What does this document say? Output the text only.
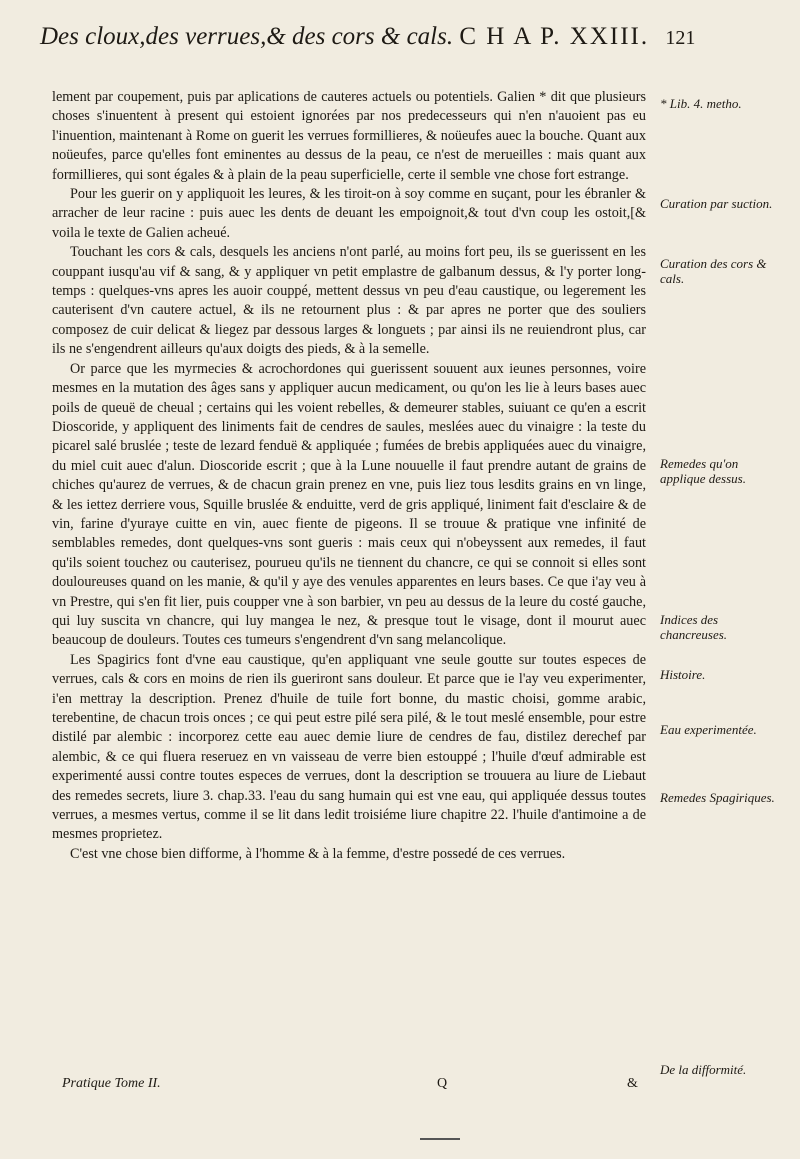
Des cloux,des verrues,& des cors & cals. C H A P. XXIII. 121

lement par coupement, puis par aplications de cauteres actuels ou potentiels. Galien * dit que plusieurs choses s'inuentent à present qui estoient ignorées par nos predecesseurs qui n'en n'auoient pas eu l'inuention, maintenant à Rome on guerit les verrues formillieres, & noüeufes auec la bouche. Quant aux noüeufes, parce qu'elles font eminentes au dessus de la peau, ce n'est de merueilles : mais quant aux formillieres, qui sont égales & à plain de la peau superficielle, certe il semble vne chose fort estrange.

Pour les guerir on y appliquoit les leures, & les tiroit-on à soy comme en suçant, pour les ébranler & arracher de leur racine : puis auec les dents de deuant les empoignoit,& tout d'vn coup les ostoit,[& voila le texte de Galien acheué.

Touchant les cors & cals, desquels les anciens n'ont parlé, au moins fort peu, ils se guerissent en les couppant iusqu'au vif & sang, & y appliquer vn petit emplastre de galbanum dessus, & l'y porter long-temps : quelques-vns apres les auoir couppé, mettent dessus vn peu d'eau caustique, ou legerement les cauterisent d'vn cautere actuel, & ils ne retournent plus : & par apres ne porter que des souliers composez de cuir delicat & liegez par dessous larges & longuets ; par ainsi ils ne reuiendront plus, car ils ne s'engendrent ailleurs qu'aux doigts des pieds, & à la semelle.

Or parce que les myrmecies & acrochordones qui guerissent souuent aux ieunes personnes, voire mesmes en la mutation des âges sans y appliquer aucun medicament, ou qu'on les lie à leurs bases auec poils de queuë de cheual ; certains qui les voient rebelles, & demeurer stables, suiuant ce qu'en a escrit Dioscoride, y appliquent des liniments fait de cendres de saules, meslées auec du vinaigre : la teste du picarel salé bruslée ; teste de lezard fenduë & appliquée ; fumées de brebis appliquées auec du vinaigre, du miel cuit auec d'alun. Dioscoride escrit ; que à la Lune nouuelle il faut prendre autant de grains de chiches qu'aurez de verrues, & de chacun grain prenez en vne, puis liez tous lesdits grains en vn linge, & les iettez derriere vous, Squille bruslée & enduitte, verd de gris appliqué, liniment fait d'esclaire & de vin, farine d'yuraye cuitte en vin, auec fiente de pigeons. Il se trouue & pratique vne infinité de semblables remedes, dont quelques-vns sont gueris : mais ceux qui n'obeyssent aux remedes, il faut qu'ils soient touchez ou cauterisez, pourueu qu'ils ne tiennent du chancre, ce qui se connoit si elles sont douloureuses quand on les manie, & qu'il y aye des venules apparentes en leurs bases. Ce que i'ay veu à vn Prestre, qui s'en fit lier, puis coupper vne à son barbier, vn peu au dessus de la leure du costé gauche, qui luy suscita vn chancre, qui luy mangea le nez, & presque tout le visage, dont il mourut auec beaucoup de douleurs. Toutes ces tumeurs s'engendrent d'vn sang melancolique.

Les Spagirics font d'vne eau caustique, qu'en appliquant vne seule goutte sur toutes especes de verrues, cals & cors en moins de rien ils gueriront sans douleur. Et parce que ie l'ay veu experimenter, i'en mettray la description. Prenez d'huile de tuile fort bonne, du mastic choisi, gomme arabic, terebentine, de chacun trois onces ; ce qui peut estre pilé sera pilé, & le tout meslé ensemble, pour estre distilé par alembic : incorporez cette eau auec demie liure de cendres de fau, distilez derechef par alembic, & ce qui fluera reseruez en vn vaisseau de verre bien estouppé ; l'huile d'œuf admirable est experimenté aussi contre toutes especes de verrues, dont la description se trouuera au liure de Liebaut des remedes secrets, liure 3. chap.33. l'eau du sang humain qui est vne eau, qui appliquée dessus toutes verrues, a mesmes vertus, comme il se lit dans ledit troisiéme liure chapitre 22. l'huile d'antimoine a de mesmes proprietez.

C'est vne chose bien difforme, à l'homme & à la femme, d'estre possedé de ces verrues.

* Lib. 4. metho.
Curation par suction.
Curation des cors & cals.
Remedes qu'on applique dessus.
Indices des chancreuses.
Histoire.
Eau experimentée.
Remedes Spagiriques.
De la difformité.
Pratique Tome II.	Q	&
